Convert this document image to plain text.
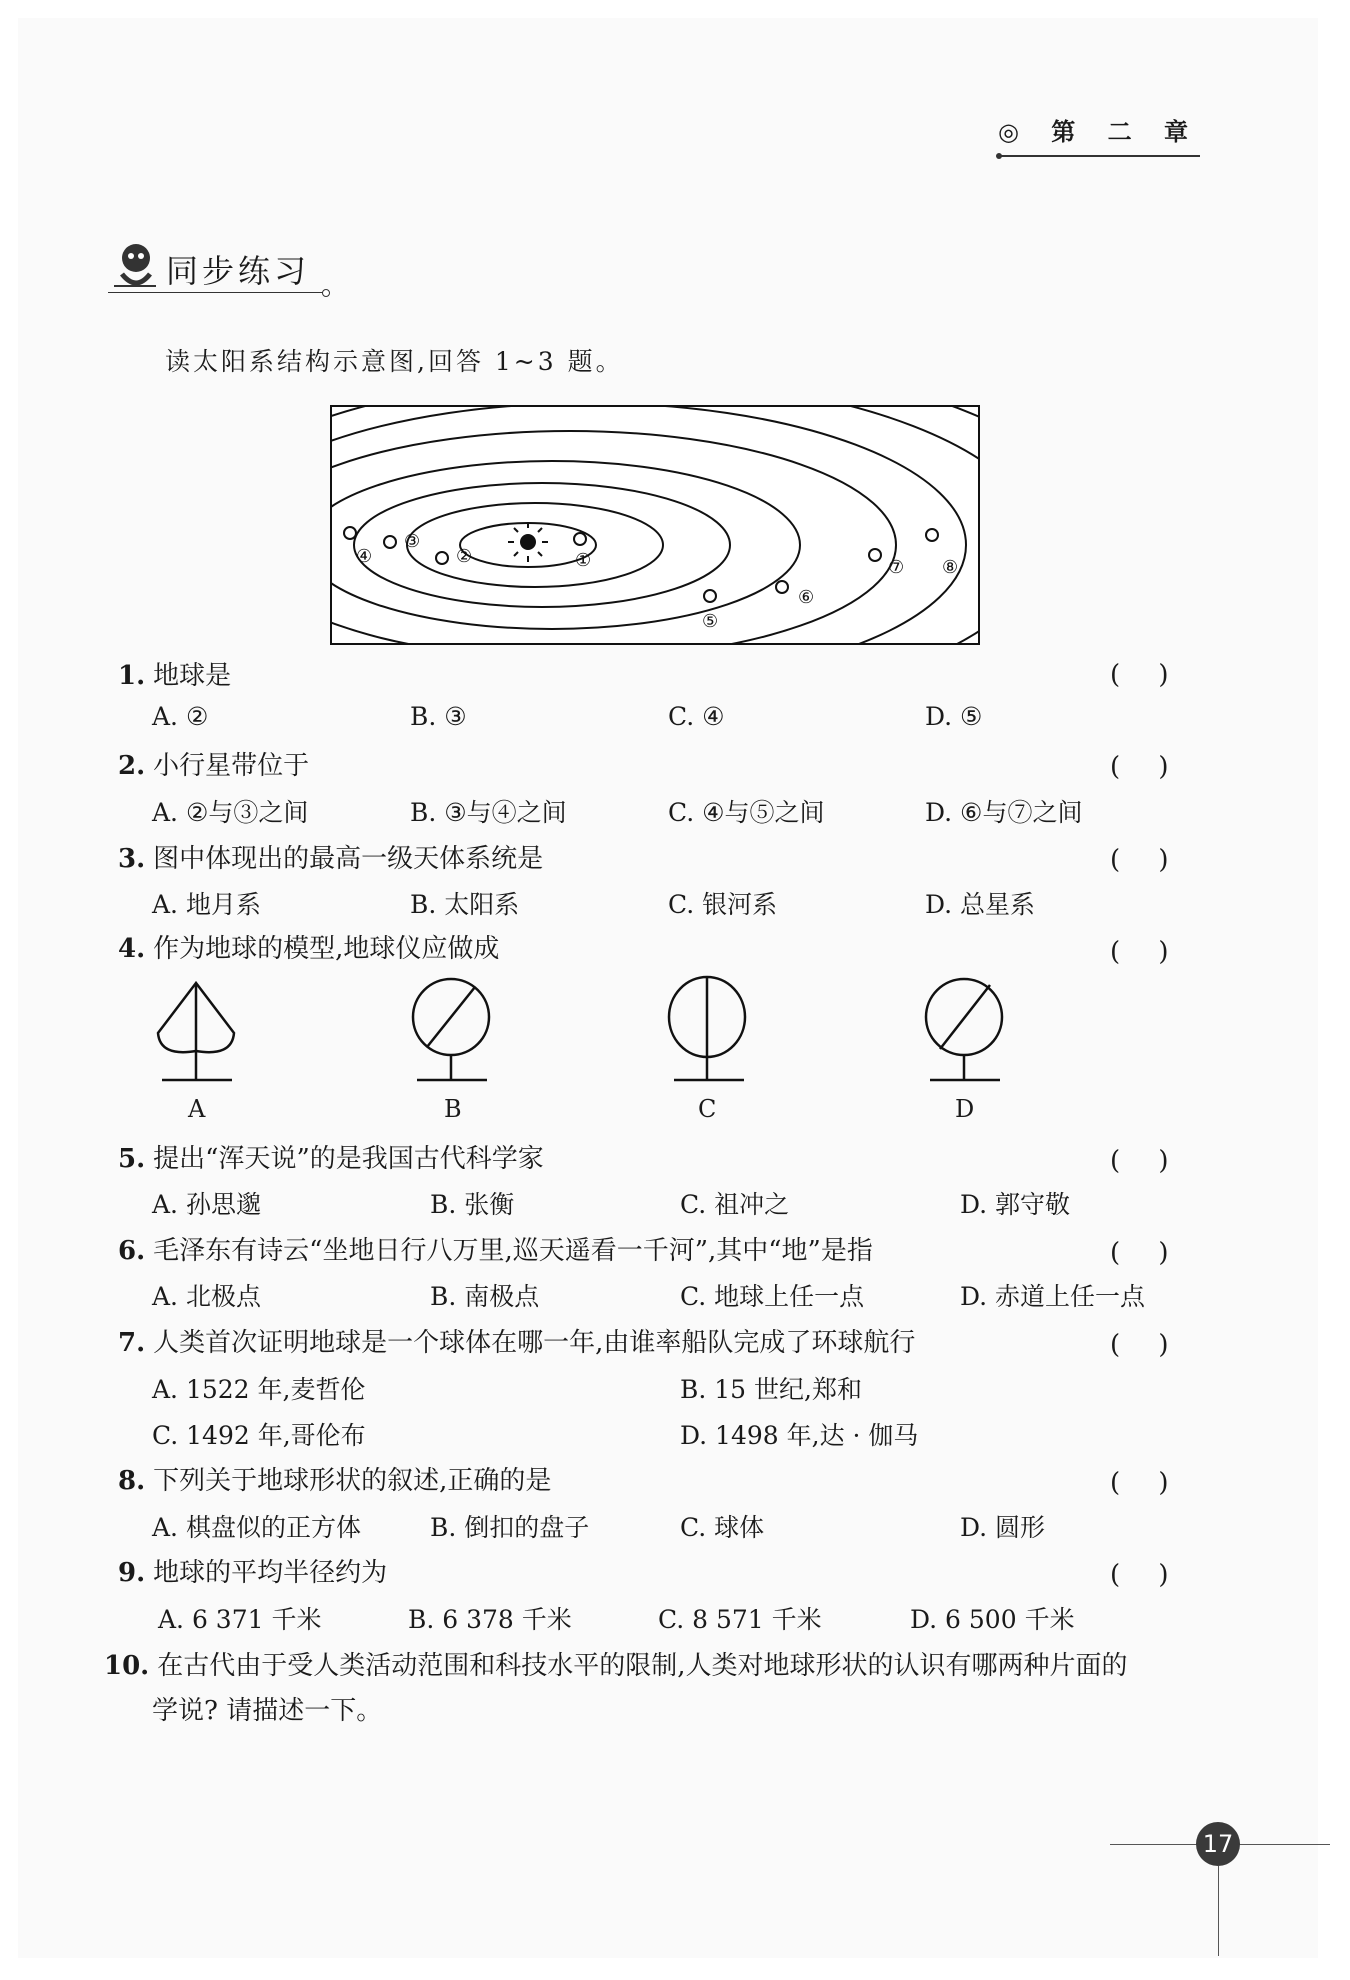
◎ 第 二 章
同步练习
读太阳系结构示意图,回答 1~3 题。
①
②
③
④
⑤
⑥
⑦ ⑧
1. 地球是	( )
A. ②	B. ③	C. ④	D. ⑤
2. 小行星带位于	( )
A. ②与③之间	B. ③与④之间	C. ④与⑤之间	D. ⑥与⑦之间
3. 图中体现出的最高一级天体系统是	( )
A. 地月系	B. 太阳系	C. 银河系	D. 总星系
4. 作为地球的模型,地球仪应做成	( )
A	B	C	D
5. 提出“浑天说”的是我国古代科学家	( )
A. 孙思邈	B. 张衡	C. 祖冲之	D. 郭守敬
6. 毛泽东有诗云“坐地日行八万里,巡天遥看一千河”,其中“地”是指	( )
A. 北极点	B. 南极点	C. 地球上任一点	D. 赤道上任一点
7. 人类首次证明地球是一个球体在哪一年,由谁率船队完成了环球航行	( )
A. 1522 年,麦哲伦	B. 15 世纪,郑和
C. 1492 年,哥伦布	D. 1498 年,达 · 伽马
8. 下列关于地球形状的叙述,正确的是	( )
A. 棋盘似的正方体	B. 倒扣的盘子	C. 球体	D. 圆形
9. 地球的平均半径约为	( )
A. 6 371 千米	B. 6 378 千米	C. 8 571 千米	D. 6 500 千米
10. 在古代由于受人类活动范围和科技水平的限制,人类对地球形状的认识有哪两种片面的
学说? 请描述一下。
17
